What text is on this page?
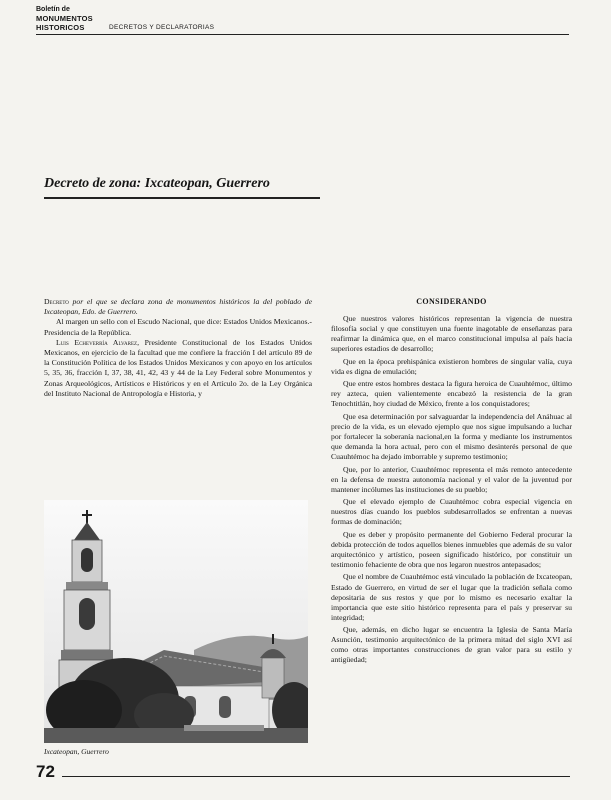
Boletín de
MONUMENTOS
HISTORICOS	DECRETOS Y DECLARATORIAS
Decreto de zona: Ixcateopan, Guerrero

Decreto por el que se declara zona de monumentos históricos la del poblado de Ixcateopan, Edo. de Guerrero.

Al margen un sello con el Escudo Nacional, que dice: Estados Unidos Mexicanos.- Presidencia de la República.

Luis Echeverría Alvarez, Presidente Constitucional de los Estados Unidos Mexicanos, en ejercicio de la facultad que me confiere la fracción I del artículo 89 de la Constitución Política de los Estados Unidos Mexicanos y con apoyo en los artículos 5, 35, 36, fracción I, 37, 38, 41, 42, 43 y 44 de la Ley Federal sobre Monumentos y Zonas Arqueológicos, Artísticos e Históricos y en el Artículo 2o. de la Ley Orgánica del Instituto Nacional de Antropología e Historia, y

Ixcateopan, Guerrero
CONSIDERANDO

Que nuestros valores históricos representan la vigencia de nuestra filosofía social y que constituyen una fuente inagotable de enseñanzas para reafirmar la dinámica que, en el marco constitucional impulsa al país hacia superiores estadios de desarrollo;

Que en la época prehispánica existieron hombres de singular valía, cuya vida es digna de emulación;

Que entre estos hombres destaca la figura heroica de Cuauhtémoc, último rey azteca, quien valientemente encabezó la resistencia de la gran Tenochtitlán, hoy ciudad de México, frente a los conquistadores;

Que esa determinación por salvaguardar la independencia del Anáhuac al precio de la vida, es un elevado ejemplo que nos sigue impulsando a luchar por fortalecer la soberanía nacional,en la forma y mediante los instrumentos que demanda la hora actual, pero con el mismo desinterés personal de que Cuauhtémoc ha dejado imborrable y supremo testimonio;

Que, por lo anterior, Cuauhtémoc representa el más remoto antecedente en la defensa de nuestra autonomía nacional y el valor de la juventud por mantener incólumes las instituciones de su pueblo;

Que el elevado ejemplo de Cuauhtémoc cobra especial vigencia en nuestros días cuando los pueblos subdesarrollados se enfrentan a nuevas formas de dominación;

Que es deber y propósito permanente del Gobierno Federal procurar la debida protección de todos aquellos bienes inmuebles que además de su valor arquitectónico y artístico, poseen significado histórico, por constituir un testimonio fehaciente de obra que nos legaron nuestros antepasados;

Que el nombre de Cuauhtémoc está vinculado la población de Ixcateopan, Estado de Guerrero, en virtud de ser el lugar que la tradición señala como depositaria de sus restos y que por lo mismo es necesario exaltar la importancia que este sitio histórico representa para el país y preservar su integridad;

Que, además, en dicho lugar se encuentra la Iglesia de Santa María Asunción, testimonio arquitectónico de la primera mitad del siglo XVI así como otras importantes construcciones de gran valor para su estilo y antigüedad;

72
